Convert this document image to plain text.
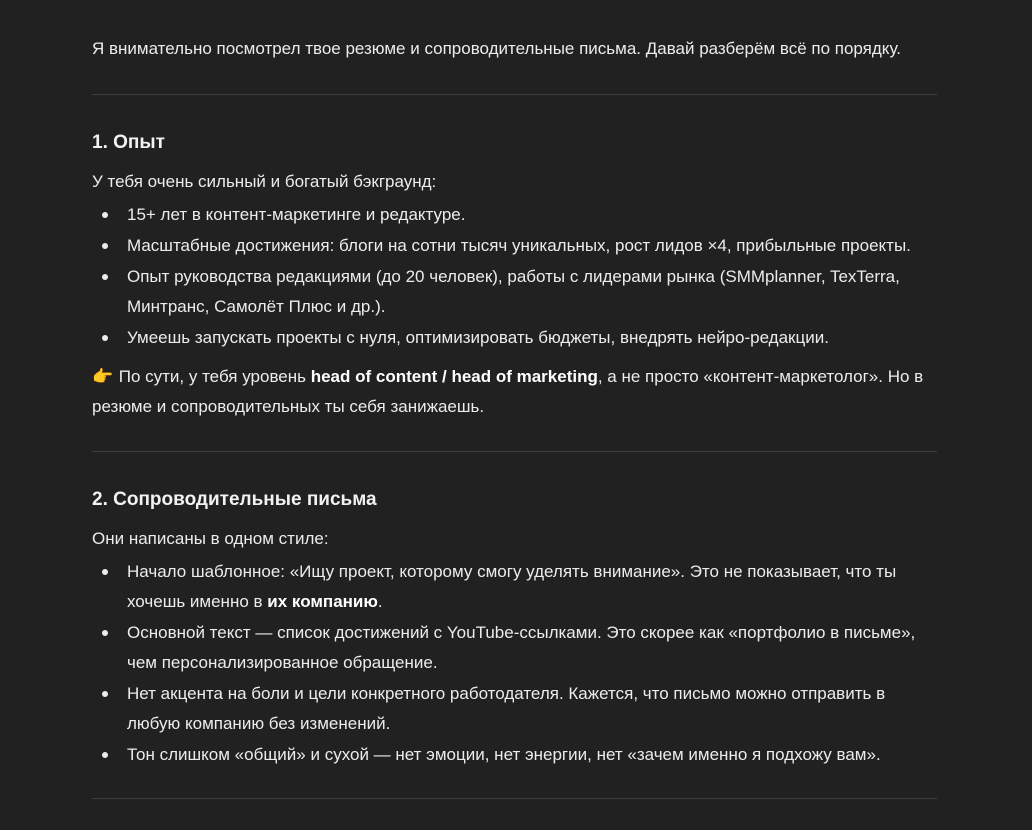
Я внимательно посмотрел твое резюме и сопроводительные письма. Давай разберём всё по порядку.

1. Опыт

У тебя очень сильный и богатый бэкграунд:

15+ лет в контент-маркетинге и редактуре.
Масштабные достижения: блоги на сотни тысяч уникальных, рост лидов ×4, прибыльные проекты.
Опыт руководства редакциями (до 20 человек), работы с лидерами рынка (SMMplanner, TexTerra, Минтранс, Самолёт Плюс и др.).
Умеешь запускать проекты с нуля, оптимизировать бюджеты, внедрять нейро-редакции.

👉 По сути, у тебя уровень head of content / head of marketing, а не просто «контент-маркетолог». Но в резюме и сопроводительных ты себя занижаешь.

2. Сопроводительные письма

Они написаны в одном стиле:

Начало шаблонное: «Ищу проект, которому смогу уделять внимание». Это не показывает, что ты хочешь именно в их компанию.
Основной текст — список достижений с YouTube-ссылками. Это скорее как «портфолио в письме», чем персонализированное обращение.
Нет акцента на боли и цели конкретного работодателя. Кажется, что письмо можно отправить в любую компанию без изменений.
Тон слишком «общий» и сухой — нет эмоции, нет энергии, нет «зачем именно я подхожу вам».
